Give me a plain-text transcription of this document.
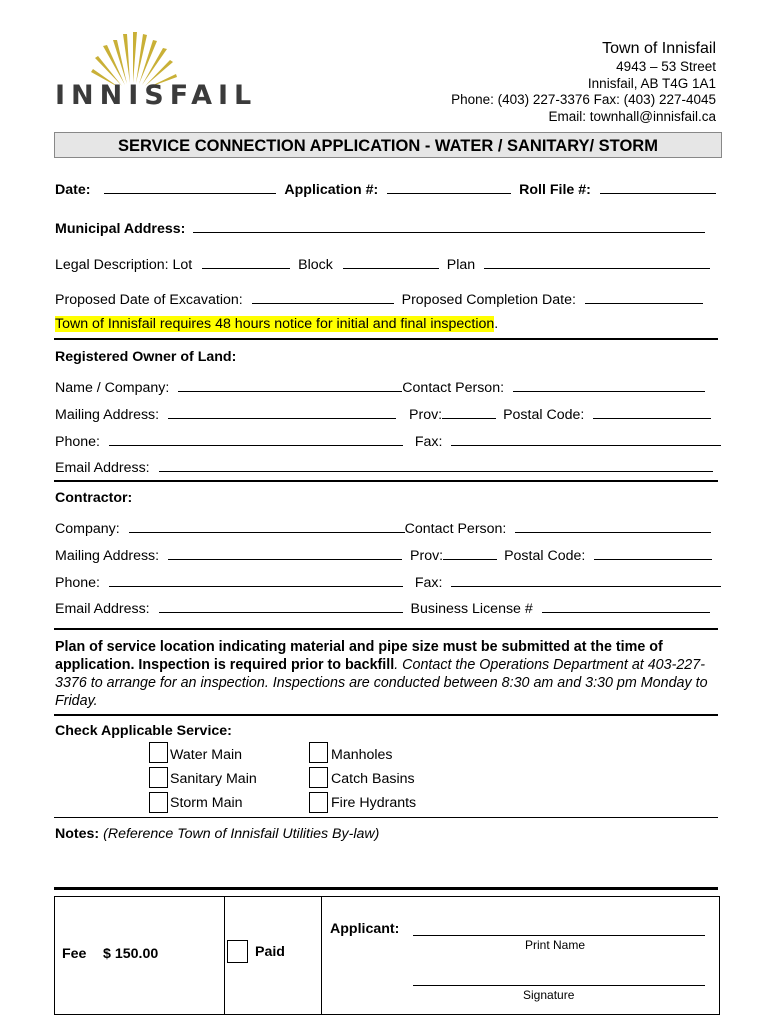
INNISFAIL
Town of Innisfail
4943 – 53 Street
Innisfail, AB T4G 1A1
Phone: (403) 227-3376 Fax: (403) 227-4045
Email: townhall@innisfail.ca
SERVICE CONNECTION APPLICATION - WATER / SANITARY/ STORM
Date:	Application #:	Roll File #:
Municipal Address:
Legal Description: Lot	Block	Plan
Proposed Date of Excavation:	Proposed Completion Date:
Town of Innisfail requires 48 hours notice for initial and final inspection.
Registered Owner of Land:
Name / Company:	Contact Person:
Mailing Address:	Prov:	Postal Code:
Phone:	Fax:
Email Address:
Contractor:
Company:	Contact Person:
Mailing Address:	Prov:	Postal Code:
Phone:	Fax:
Email Address:	Business License #
Plan of service location indicating material and pipe size must be submitted at the time of application. Inspection is required prior to backfill. Contact the Operations Department at 403-227-3376 to arrange for an inspection. Inspections are conducted between 8:30 am and 3:30 pm Monday to Friday.
Check Applicable Service:
Water Main
Sanitary Main
Storm Main
Manholes
Catch Basins
Fire Hydrants
Notes: (Reference Town of Innisfail Utilities By-law)
Fee $ 150.00	Paid
Applicant:
Print Name
Signature
